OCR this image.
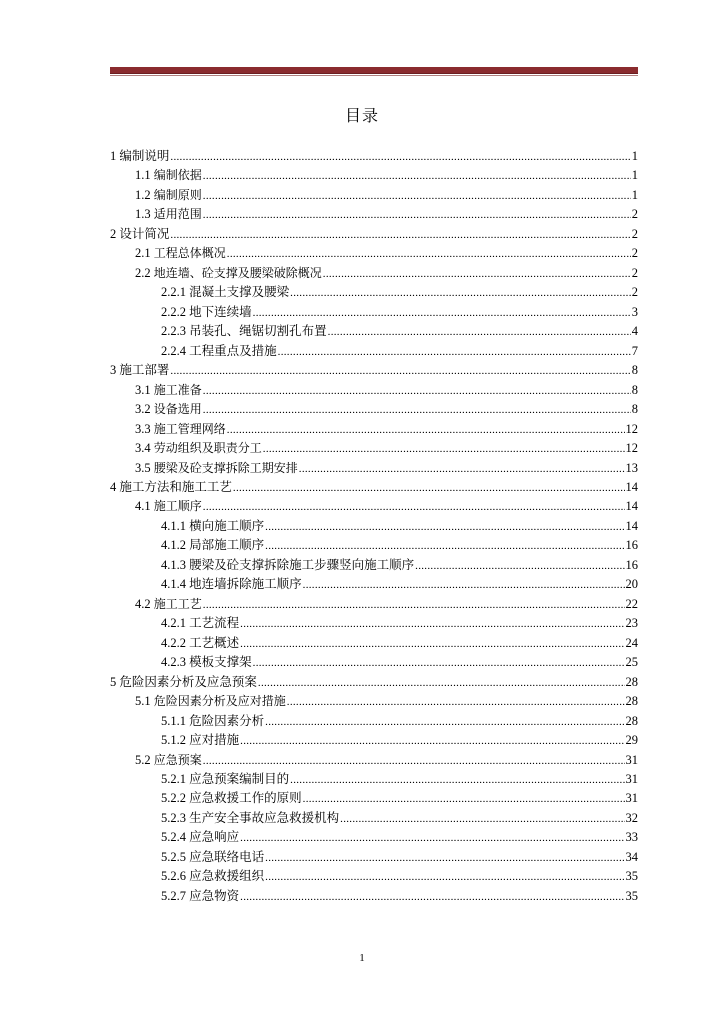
目录
1 编制说明 .....	1
1.1 编制依据 .....	1
1.2 编制原则 .....	1
1.3 适用范围 .....	2
2 设计简况 .....	2
2.1 工程总体概况 .....	2
2.2 地连墙、砼支撑及腰梁破除概况 .....	2
2.2.1 混凝土支撑及腰梁 .....	2
2.2.2 地下连续墙 .....	3
2.2.3 吊装孔、绳锯切割孔布置 .....	4
2.2.4 工程重点及措施 .....	7
3 施工部署 .....	8
3.1 施工准备 .....	8
3.2 设备选用 .....	8
3.3 施工管理网络 .....	12
3.4 劳动组织及职责分工 .....	12
3.5 腰梁及砼支撑拆除工期安排 .....	13
4 施工方法和施工工艺 .....	14
4.1 施工顺序 .....	14
4.1.1 横向施工顺序 .....	14
4.1.2 局部施工顺序 .....	16
4.1.3 腰梁及砼支撑拆除施工步骤竖向施工顺序 .....	16
4.1.4 地连墙拆除施工顺序 .....	20
4.2 施工工艺 .....	22
4.2.1 工艺流程 .....	23
4.2.2 工艺概述 .....	24
4.2.3 模板支撑架 .....	25
5 危险因素分析及应急预案 .....	28
5.1 危险因素分析及应对措施 .....	28
5.1.1 危险因素分析 .....	28
5.1.2 应对措施 .....	29
5.2 应急预案 .....	31
5.2.1 应急预案编制目的 .....	31
5.2.2 应急救援工作的原则 .....	31
5.2.3 生产安全事故应急救援机构 .....	32
5.2.4 应急响应 .....	33
5.2.5 应急联络电话 .....	34
5.2.6 应急救援组织 .....	35
5.2.7 应急物资 .....	35
1
